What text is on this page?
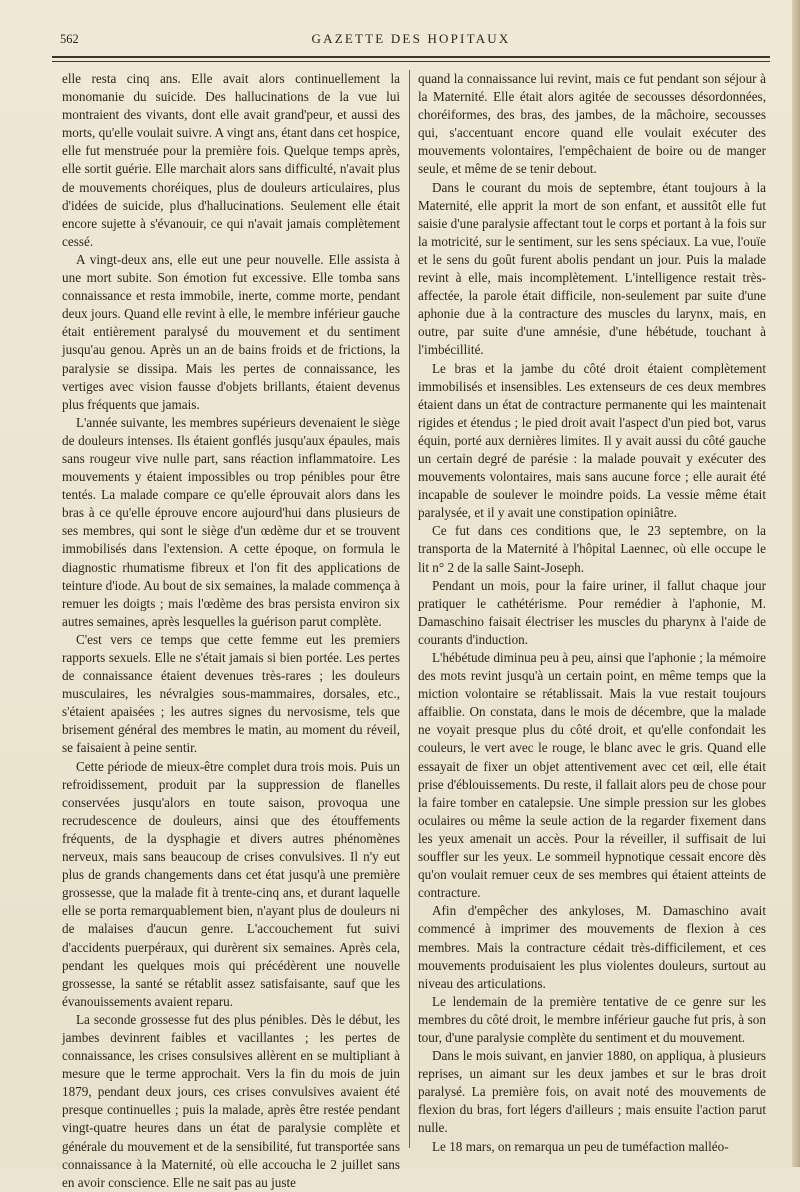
562	GAZETTE DES HOPITAUX

elle resta cinq ans. Elle avait alors continuellement la monomanie du suicide. Des hallucinations de la vue lui montraient des vivants, dont elle avait grand'peur, et aussi des morts, qu'elle voulait suivre. A vingt ans, étant dans cet hospice, elle fut menstruée pour la première fois. Quelque temps après, elle sortit guérie. Elle marchait alors sans difficulté, n'avait plus de mouvements choréiques, plus de douleurs articulaires, plus d'idées de suicide, plus d'hallucinations. Seulement elle était encore sujette à s'évanouir, ce qui n'avait jamais complètement cessé.

A vingt-deux ans, elle eut une peur nouvelle. Elle assista à une mort subite. Son émotion fut excessive. Elle tomba sans connaissance et resta immobile, inerte, comme morte, pendant deux jours. Quand elle revint à elle, le membre inférieur gauche était entièrement paralysé du mouvement et du sentiment jusqu'au genou. Après un an de bains froids et de frictions, la paralysie se dissipa. Mais les pertes de connaissance, les vertiges avec vision fausse d'objets brillants, étaient devenus plus fréquents que jamais.

L'année suivante, les membres supérieurs devenaient le siège de douleurs intenses. Ils étaient gonflés jusqu'aux épaules, mais sans rougeur vive nulle part, sans réaction inflammatoire. Les mouvements y étaient impossibles ou trop pénibles pour être tentés. La malade compare ce qu'elle éprouvait alors dans les bras à ce qu'elle éprouve encore aujourd'hui dans plusieurs de ses membres, qui sont le siège d'un œdème dur et se trouvent immobilisés dans l'extension. A cette époque, on formula le diagnostic rhumatisme fibreux et l'on fit des applications de teinture d'iode. Au bout de six semaines, la malade commença à remuer les doigts ; mais l'œdème des bras persista environ six autres semaines, après lesquelles la guérison parut complète.

C'est vers ce temps que cette femme eut les premiers rapports sexuels. Elle ne s'était jamais si bien portée. Les pertes de connaissance étaient devenues très-rares ; les douleurs musculaires, les névralgies sous-mammaires, dorsales, etc., s'étaient apaisées ; les autres signes du nervosisme, tels que brisement général des membres le matin, au moment du réveil, se faisaient à peine sentir.

Cette période de mieux-être complet dura trois mois. Puis un refroidissement, produit par la suppression de flanelles conservées jusqu'alors en toute saison, provoqua une recrudescence de douleurs, ainsi que des étouffements fréquents, de la dysphagie et divers autres phénomènes nerveux, mais sans beaucoup de crises convulsives. Il n'y eut plus de grands changements dans cet état jusqu'à une première grossesse, que la malade fit à trente-cinq ans, et durant laquelle elle se porta remarquablement bien, n'ayant plus de douleurs ni de malaises d'aucun genre. L'accouchement fut suivi d'accidents puerpéraux, qui durèrent six semaines. Après cela, pendant les quelques mois qui précédèrent une nouvelle grossesse, la santé se rétablit assez satisfaisante, sauf que les évanouissements avaient reparu.

La seconde grossesse fut des plus pénibles. Dès le début, les jambes devinrent faibles et vacillantes ; les pertes de connaissance, les crises consulsives allèrent en se multipliant à mesure que le terme approchait. Vers la fin du mois de juin 1879, pendant deux jours, ces crises convulsives avaient été presque continuelles ; puis la malade, après être restée pendant vingt-quatre heures dans un état de paralysie complète et générale du mouvement et de la sensibilité, fut transportée sans connaissance à la Maternité, où elle accoucha le 2 juillet sans en avoir conscience. Elle ne sait pas au juste

quand la connaissance lui revint, mais ce fut pendant son séjour à la Maternité. Elle était alors agitée de secousses désordonnées, choréiformes, des bras, des jambes, de la mâchoire, secousses qui, s'accentuant encore quand elle voulait exécuter des mouvements volontaires, l'empêchaient de boire ou de manger seule, et même de se tenir debout.

Dans le courant du mois de septembre, étant toujours à la Maternité, elle apprit la mort de son enfant, et aussitôt elle fut saisie d'une paralysie affectant tout le corps et portant à la fois sur la motricité, sur le sentiment, sur les sens spéciaux. La vue, l'ouïe et le sens du goût furent abolis pendant un jour. Puis la malade revint à elle, mais incomplètement. L'intelligence restait très-affectée, la parole était difficile, non-seulement par suite d'une aphonie due à la contracture des muscles du larynx, mais, en outre, par suite d'une amnésie, d'une hébétude, touchant à l'imbécillité.

Le bras et la jambe du côté droit étaient complètement immobilisés et insensibles. Les extenseurs de ces deux membres étaient dans un état de contracture permanente qui les maintenait rigides et étendus ; le pied droit avait l'aspect d'un pied bot, varus équin, porté aux dernières limites. Il y avait aussi du côté gauche un certain degré de parésie : la malade pouvait y exécuter des mouvements volontaires, mais sans aucune force ; elle aurait été incapable de soulever le moindre poids. La vessie même était paralysée, et il y avait une constipation opiniâtre.

Ce fut dans ces conditions que, le 23 septembre, on la transporta de la Maternité à l'hôpital Laennec, où elle occupe le lit n° 2 de la salle Saint-Joseph.

Pendant un mois, pour la faire uriner, il fallut chaque jour pratiquer le cathétérisme. Pour remédier à l'aphonie, M. Damaschino faisait électriser les muscles du pharynx à l'aide de courants d'induction.

L'hébétude diminua peu à peu, ainsi que l'aphonie ; la mémoire des mots revint jusqu'à un certain point, en même temps que la miction volontaire se rétablissait. Mais la vue restait toujours affaiblie. On constata, dans le mois de décembre, que la malade ne voyait presque plus du côté droit, et qu'elle confondait les couleurs, le vert avec le rouge, le blanc avec le gris. Quand elle essayait de fixer un objet attentivement avec cet œil, elle était prise d'éblouissements. Du reste, il fallait alors peu de chose pour la faire tomber en catalepsie. Une simple pression sur les globes oculaires ou même la seule action de la regarder fixement dans les yeux amenait un accès. Pour la réveiller, il suffisait de lui souffler sur les yeux. Le sommeil hypnotique cessait encore dès qu'on voulait remuer ceux de ses membres qui étaient atteints de contracture.

Afin d'empêcher des ankyloses, M. Damaschino avait commencé à imprimer des mouvements de flexion à ces membres. Mais la contracture cédait très-difficilement, et ces mouvements produisaient les plus violentes douleurs, surtout au niveau des articulations.

Le lendemain de la première tentative de ce genre sur les membres du côté droit, le membre inférieur gauche fut pris, à son tour, d'une paralysie complète du sentiment et du mouvement.

Dans le mois suivant, en janvier 1880, on appliqua, à plusieurs reprises, un aimant sur les deux jambes et sur le bras droit paralysé. La première fois, on avait noté des mouvements de flexion du bras, fort légers d'ailleurs ; mais ensuite l'action parut nulle.

Le 18 mars, on remarqua un peu de tuméfaction malléo-
